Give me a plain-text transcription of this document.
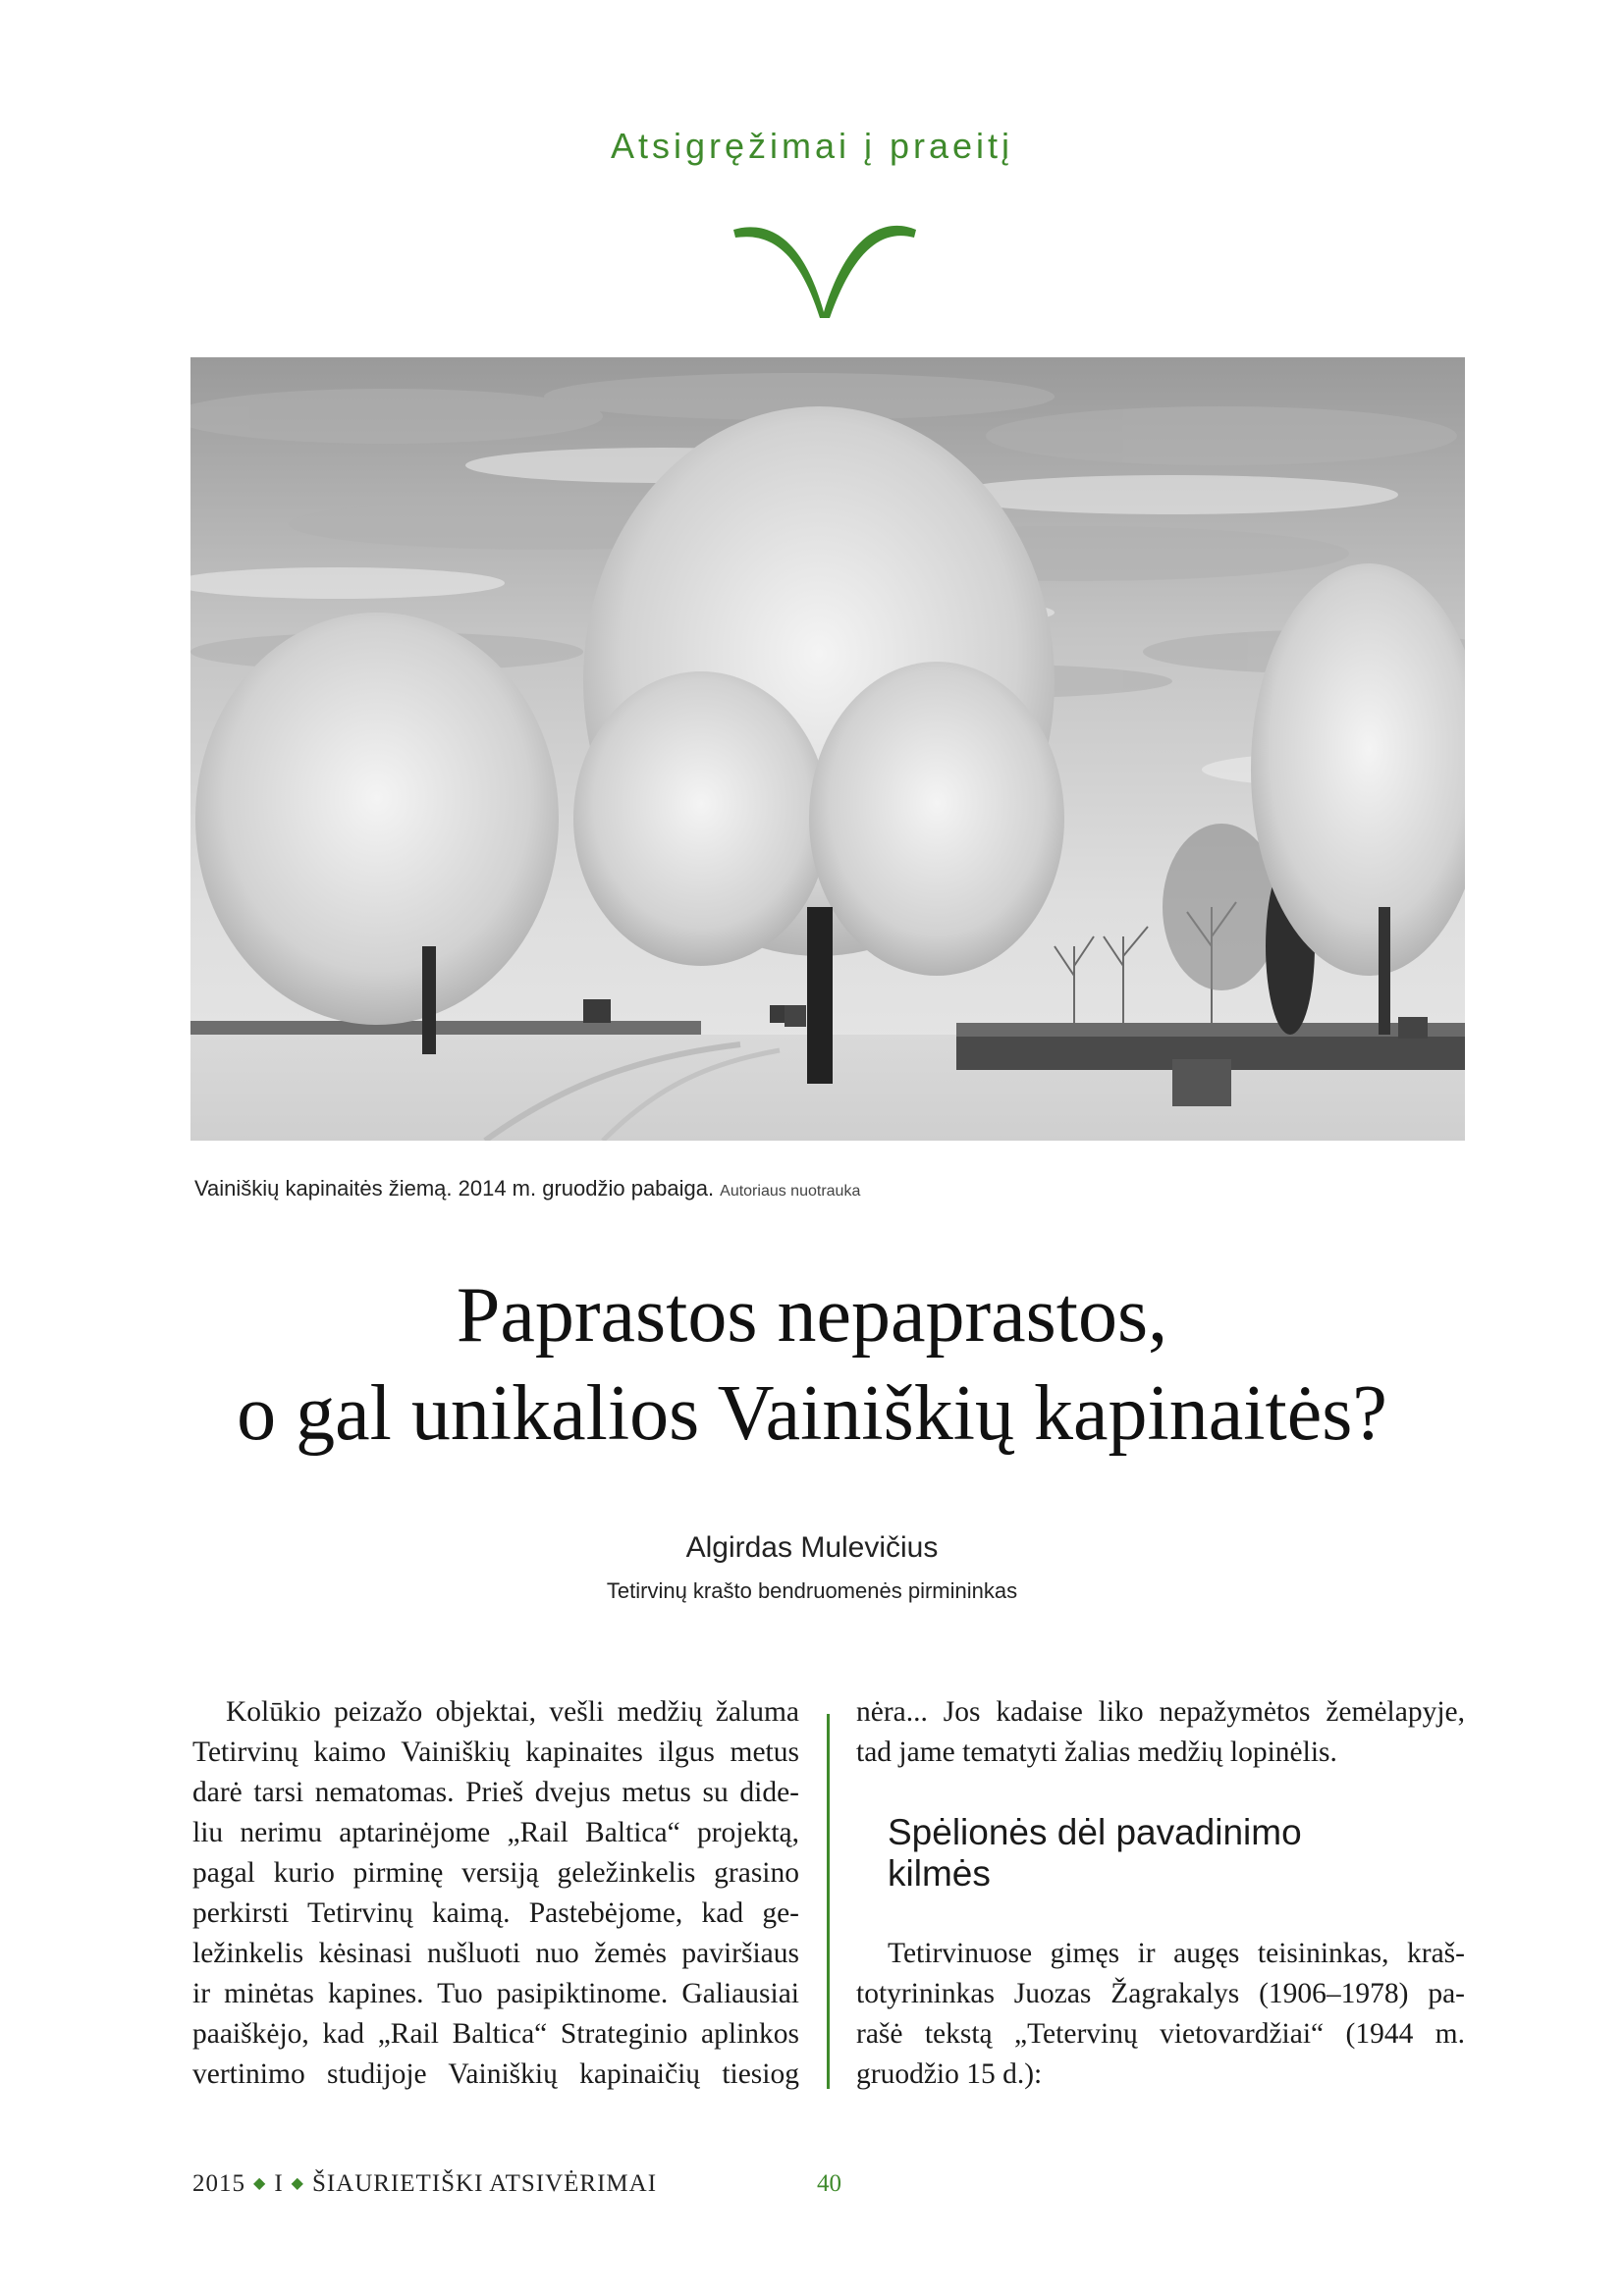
Atsigręžimai į praeitį
Vainiškių kapinaitės žiemą. 2014 m. gruodžio pabaiga. Autoriaus nuotrauka
Paprastos nepaprastos,
o gal unikalios Vainiškių kapinaitės?
Algirdas Mulevičius
Tetirvinų krašto bendruomenės pirmininkas
Kolūkio peizažo objektai, vešli medžių žaluma
Tetirvinų kaimo Vainiškių kapinaites ilgus metus
darė tarsi nematomas. Prieš dvejus metus su dide-
liu nerimu aptarinėjome „Rail Baltica“ projektą,
pagal kurio pirminę versiją geležinkelis grasino
perkirsti Tetirvinų kaimą. Pastebėjome, kad ge-
ležinkelis kėsinasi nušluoti nuo žemės paviršiaus
ir minėtas kapines. Tuo pasipiktinome. Galiausiai
paaiškėjo, kad „Rail Baltica“ Strateginio aplinkos
vertinimo studijoje Vainiškių kapinaičių tiesiog
nėra... Jos kadaise liko nepažymėtos žemėlapyje,
tad jame tematyti žalias medžių lopinėlis.
Spėlionės dėl pavadinimo
kilmės
Tetirvinuose gimęs ir augęs teisininkas, kraš-
totyrininkas Juozas Žagrakalys (1906–1978) pa-
rašė tekstą „Tetervinų vietovardžiai“ (1944 m.
gruodžio 15 d.):
2015 ◆ I ◆ ŠIAURIETIŠKI ATSIVĖRIMAI	40
